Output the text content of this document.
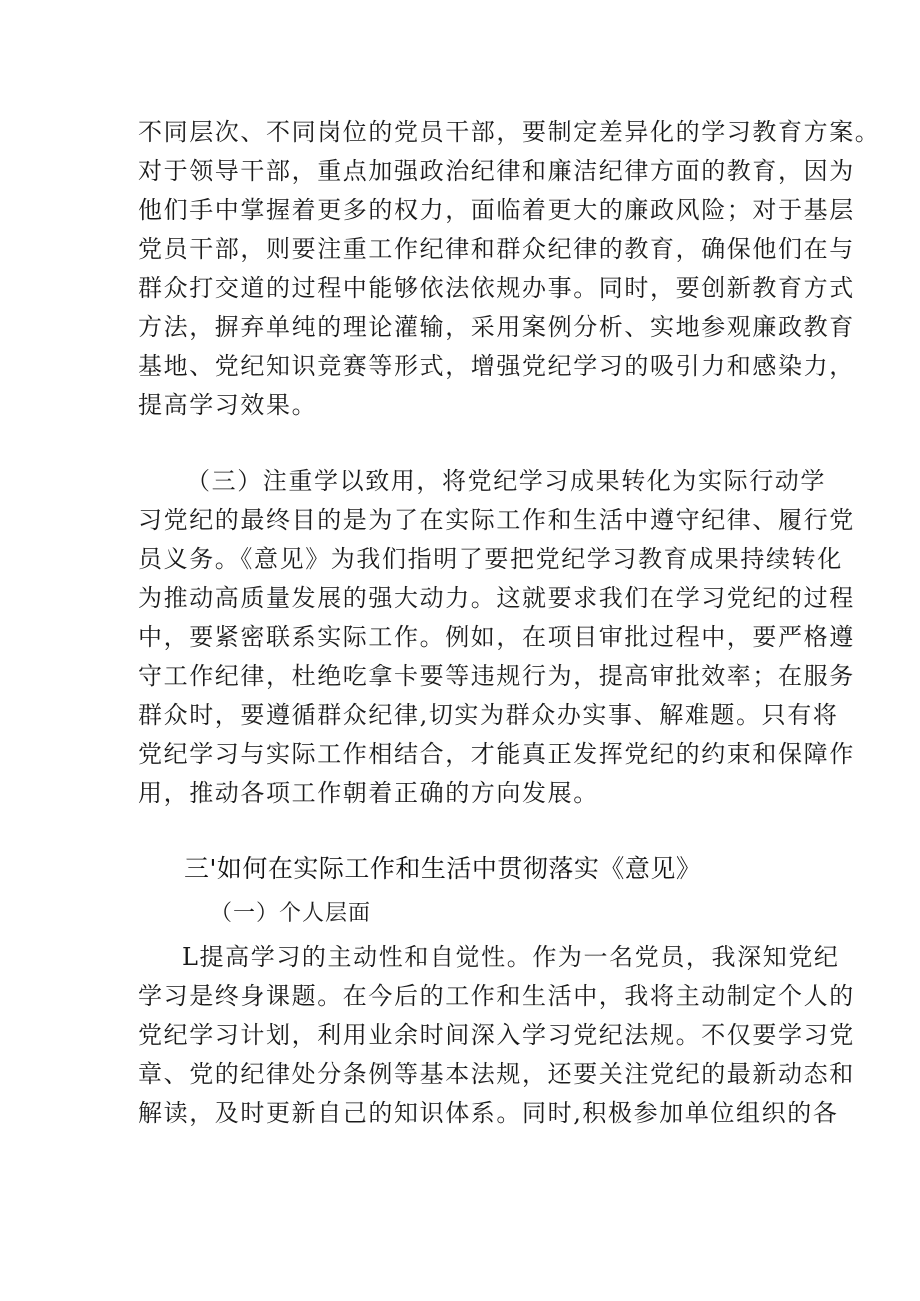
不同层次、不同岗位的党员干部，要制定差异化的学习教育方案。
对于领导干部，重点加强政治纪律和廉洁纪律方面的教育，因为
他们手中掌握着更多的权力，面临着更大的廉政风险；对于基层
党员干部，则要注重工作纪律和群众纪律的教育，确保他们在与
群众打交道的过程中能够依法依规办事。同时，要创新教育方式
方法，摒弃单纯的理论灌输，采用案例分析、实地参观廉政教育
基地、党纪知识竞赛等形式，增强党纪学习的吸引力和感染力，
提高学习效果。
（三）注重学以致用，将党纪学习成果转化为实际行动学
习党纪的最终目的是为了在实际工作和生活中遵守纪律、履行党
员义务。《意见》为我们指明了要把党纪学习教育成果持续转化
为推动高质量发展的强大动力。这就要求我们在学习党纪的过程
中，要紧密联系实际工作。例如，在项目审批过程中，要严格遵
守工作纪律，杜绝吃拿卡要等违规行为，提高审批效率；在服务
群众时，要遵循群众纪律,切实为群众办实事、解难题。只有将
党纪学习与实际工作相结合，才能真正发挥党纪的约束和保障作
用，推动各项工作朝着正确的方向发展。
三'如何在实际工作和生活中贯彻落实《意见》
（一）个人层面
L提高学习的主动性和自觉性。作为一名党员，我深知党纪
学习是终身课题。在今后的工作和生活中，我将主动制定个人的
党纪学习计划，利用业余时间深入学习党纪法规。不仅要学习党
章、党的纪律处分条例等基本法规，还要关注党纪的最新动态和
解读，及时更新自己的知识体系。同时,积极参加单位组织的各
